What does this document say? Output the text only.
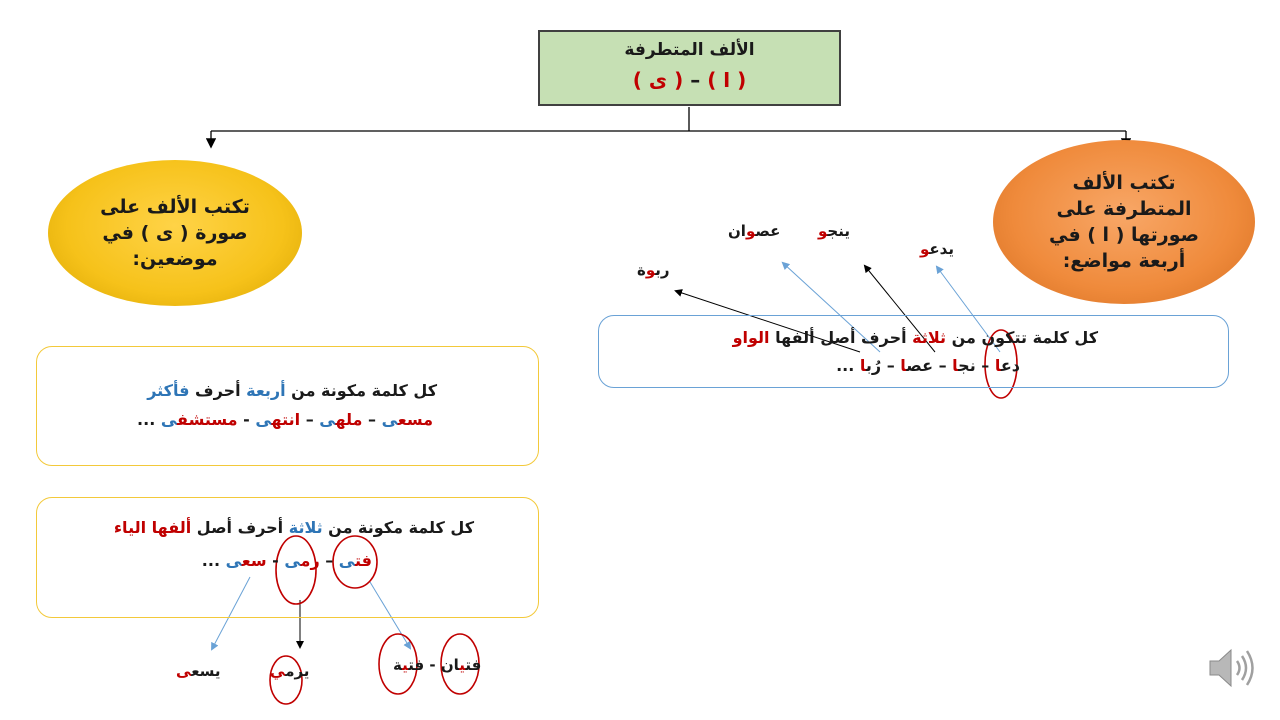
الألف المتطرفة
( ا ) – ( ى )
تكتب الألف على
صورة ( ى ) في
موضعين:
تكتب الألف
المتطرفة على
صورتها ( ا ) في
أربعة مواضع:
كل كلمة مكونة من أربعة أحرف فأكثر
مسعى – ملهى – انتهى - مستشفى ...
كل كلمة مكونة من ثلاثة أحرف أصل ألفها الياء
فتى – رمى - سعى ...
كل كلمة تتكون من ثلاثة أحرف أصل ألفها الواو
دعا – نجا – عصا – رُبا ...
ربوة
عصوان	ينجو
يدعو
يسعى	يرمي	فتيان - فتية
